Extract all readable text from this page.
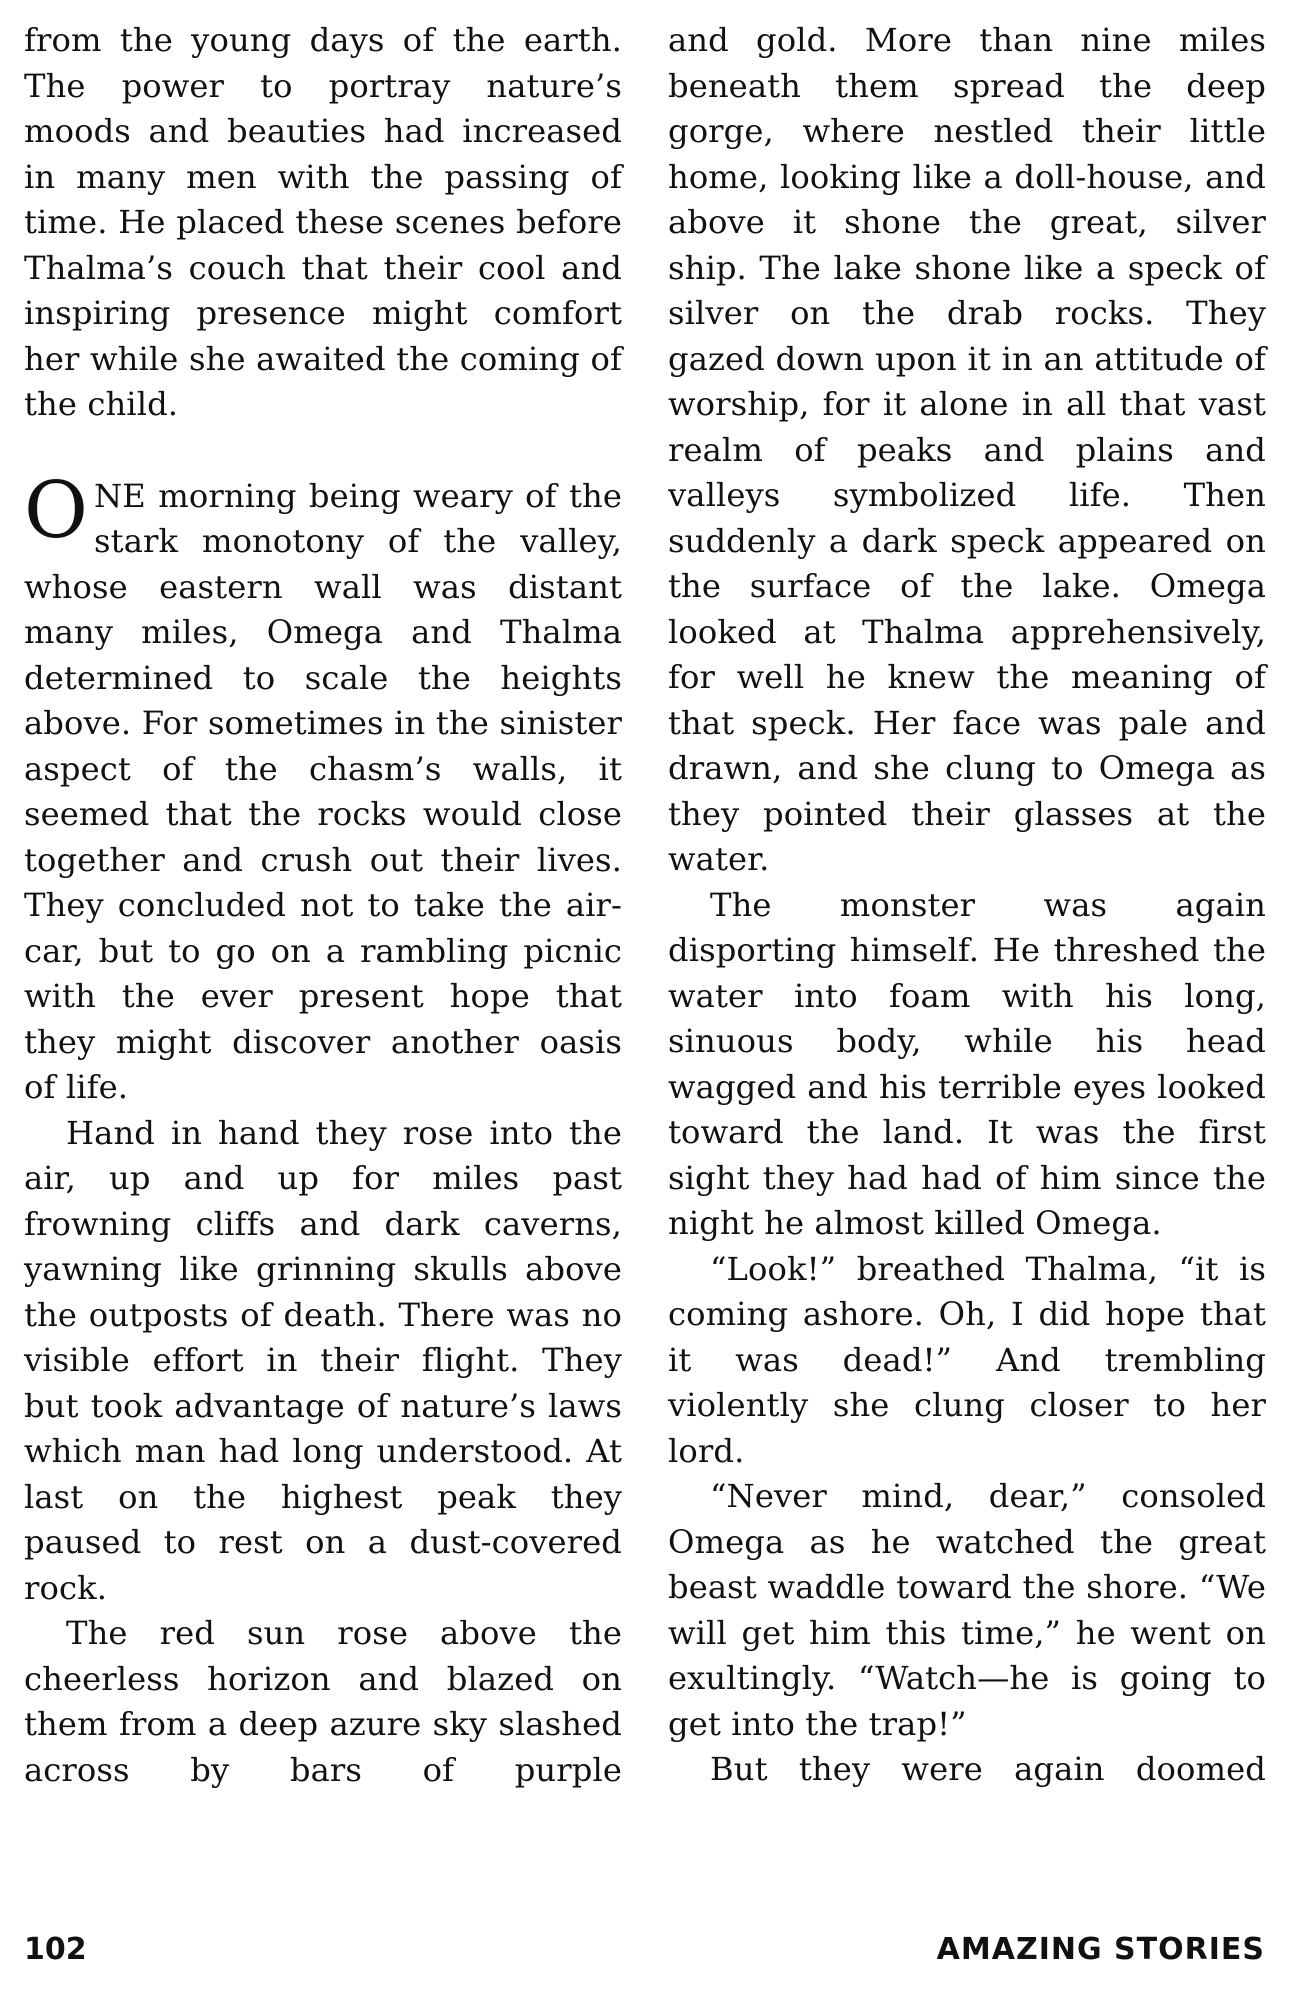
from the young days of the earth. The power to portray nature’s moods and beauties had increased in many men with the passing of time. He placed these scenes before Thalma’s couch that their cool and inspiring presence might comfort her while she awaited the coming of the child.

ONE morning being weary of the stark monotony of the valley, whose eastern wall was distant many miles, Omega and Thalma determined to scale the heights above. For sometimes in the sinister aspect of the chasm’s walls, it seemed that the rocks would close together and crush out their lives. They concluded not to take the air-car, but to go on a rambling picnic with the ever present hope that they might discover another oasis of life.

Hand in hand they rose into the air, up and up for miles past frowning cliffs and dark caverns, yawning like grinning skulls above the outposts of death. There was no visible effort in their flight. They but took advantage of nature’s laws which man had long understood. At last on the highest peak they paused to rest on a dust-covered rock.

The red sun rose above the cheerless horizon and blazed on them from a deep azure sky slashed across by bars of purple

and gold. More than nine miles beneath them spread the deep gorge, where nestled their little home, looking like a doll-house, and above it shone the great, silver ship. The lake shone like a speck of silver on the drab rocks. They gazed down upon it in an attitude of worship, for it alone in all that vast realm of peaks and plains and valleys symbolized life. Then suddenly a dark speck appeared on the surface of the lake. Omega looked at Thalma apprehensively, for well he knew the meaning of that speck. Her face was pale and drawn, and she clung to Omega as they pointed their glasses at the water.

The monster was again disporting himself. He threshed the water into foam with his long, sinuous body, while his head wagged and his terrible eyes looked toward the land. It was the first sight they had had of him since the night he almost killed Omega.

“Look!” breathed Thalma, “it is coming ashore. Oh, I did hope that it was dead!” And trembling violently she clung closer to her lord.

“Never mind, dear,” consoled Omega as he watched the great beast waddle toward the shore. “We will get him this time,” he went on exultingly. “Watch—he is going to get into the trap!”

But they were again doomed

102	AMAZING STORIES
